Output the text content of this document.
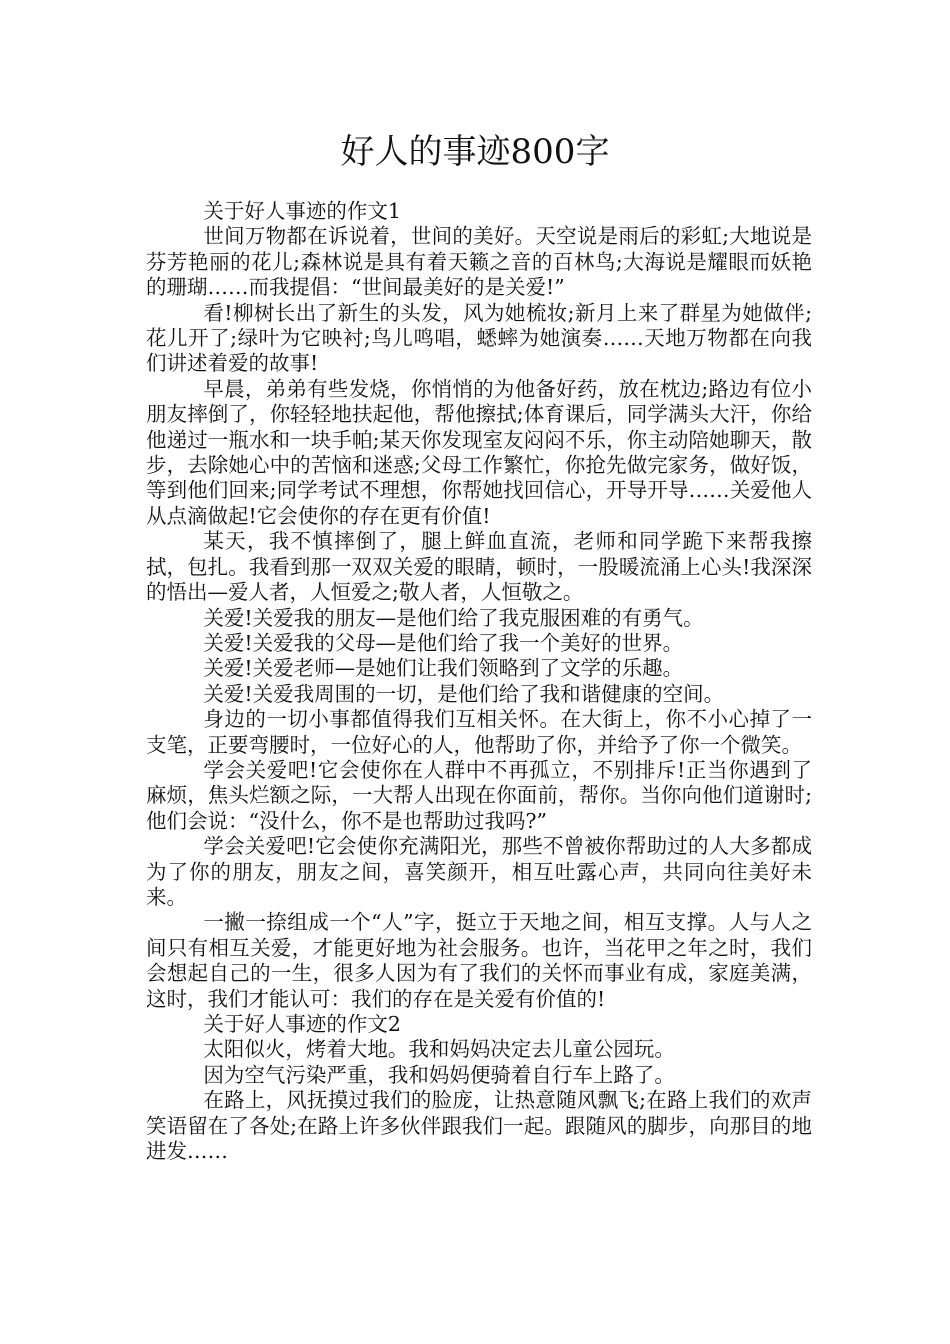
好人的事迹800字

关于好人事迹的作文1

世间万物都在诉说着，世间的美好。天空说是雨后的彩虹;大地说是芬芳艳丽的花儿;森林说是具有着天籁之音的百林鸟;大海说是耀眼而妖艳的珊瑚……而我提倡：“世间最美好的是关爱!”

看!柳树长出了新生的头发，风为她梳妆;新月上来了群星为她做伴;花儿开了;绿叶为它映衬;鸟儿鸣唱，蟋蟀为她演奏……天地万物都在向我们讲述着爱的故事!

早晨，弟弟有些发烧，你悄悄的为他备好药，放在枕边;路边有位小朋友摔倒了，你轻轻地扶起他，帮他擦拭;体育课后，同学满头大汗，你给他递过一瓶水和一块手帕;某天你发现室友闷闷不乐，你主动陪她聊天，散步，去除她心中的苦恼和迷惑;父母工作繁忙，你抢先做完家务，做好饭，等到他们回来;同学考试不理想，你帮她找回信心，开导开导……关爱他人从点滴做起!它会使你的存在更有价值!

某天，我不慎摔倒了，腿上鲜血直流，老师和同学跪下来帮我擦拭，包扎。我看到那一双双关爱的眼睛，顿时，一股暖流涌上心头!我深深的悟出—爱人者，人恒爱之;敬人者，人恒敬之。

关爱!关爱我的朋友—是他们给了我克服困难的有勇气。

关爱!关爱我的父母—是他们给了我一个美好的世界。

关爱!关爱老师—是她们让我们领略到了文学的乐趣。

关爱!关爱我周围的一切，是他们给了我和谐健康的空间。

身边的一切小事都值得我们互相关怀。在大街上，你不小心掉了一支笔，正要弯腰时，一位好心的人，他帮助了你，并给予了你一个微笑。

学会关爱吧!它会使你在人群中不再孤立，不别排斥!正当你遇到了麻烦，焦头烂额之际，一大帮人出现在你面前，帮你。当你向他们道谢时;他们会说：“没什么，你不是也帮助过我吗?”

学会关爱吧!它会使你充满阳光，那些不曾被你帮助过的人大多都成为了你的朋友，朋友之间，喜笑颜开，相互吐露心声，共同向往美好未来。

一撇一捺组成一个“人”字，挺立于天地之间，相互支撑。人与人之间只有相互关爱，才能更好地为社会服务。也许，当花甲之年之时，我们会想起自己的一生，很多人因为有了我们的关怀而事业有成，家庭美满，这时，我们才能认可：我们的存在是关爱有价值的!

关于好人事迹的作文2

太阳似火，烤着大地。我和妈妈决定去儿童公园玩。

因为空气污染严重，我和妈妈便骑着自行车上路了。

在路上，风抚摸过我们的脸庞，让热意随风飘飞;在路上我们的欢声笑语留在了各处;在路上许多伙伴跟我们一起。跟随风的脚步，向那目的地进发……
